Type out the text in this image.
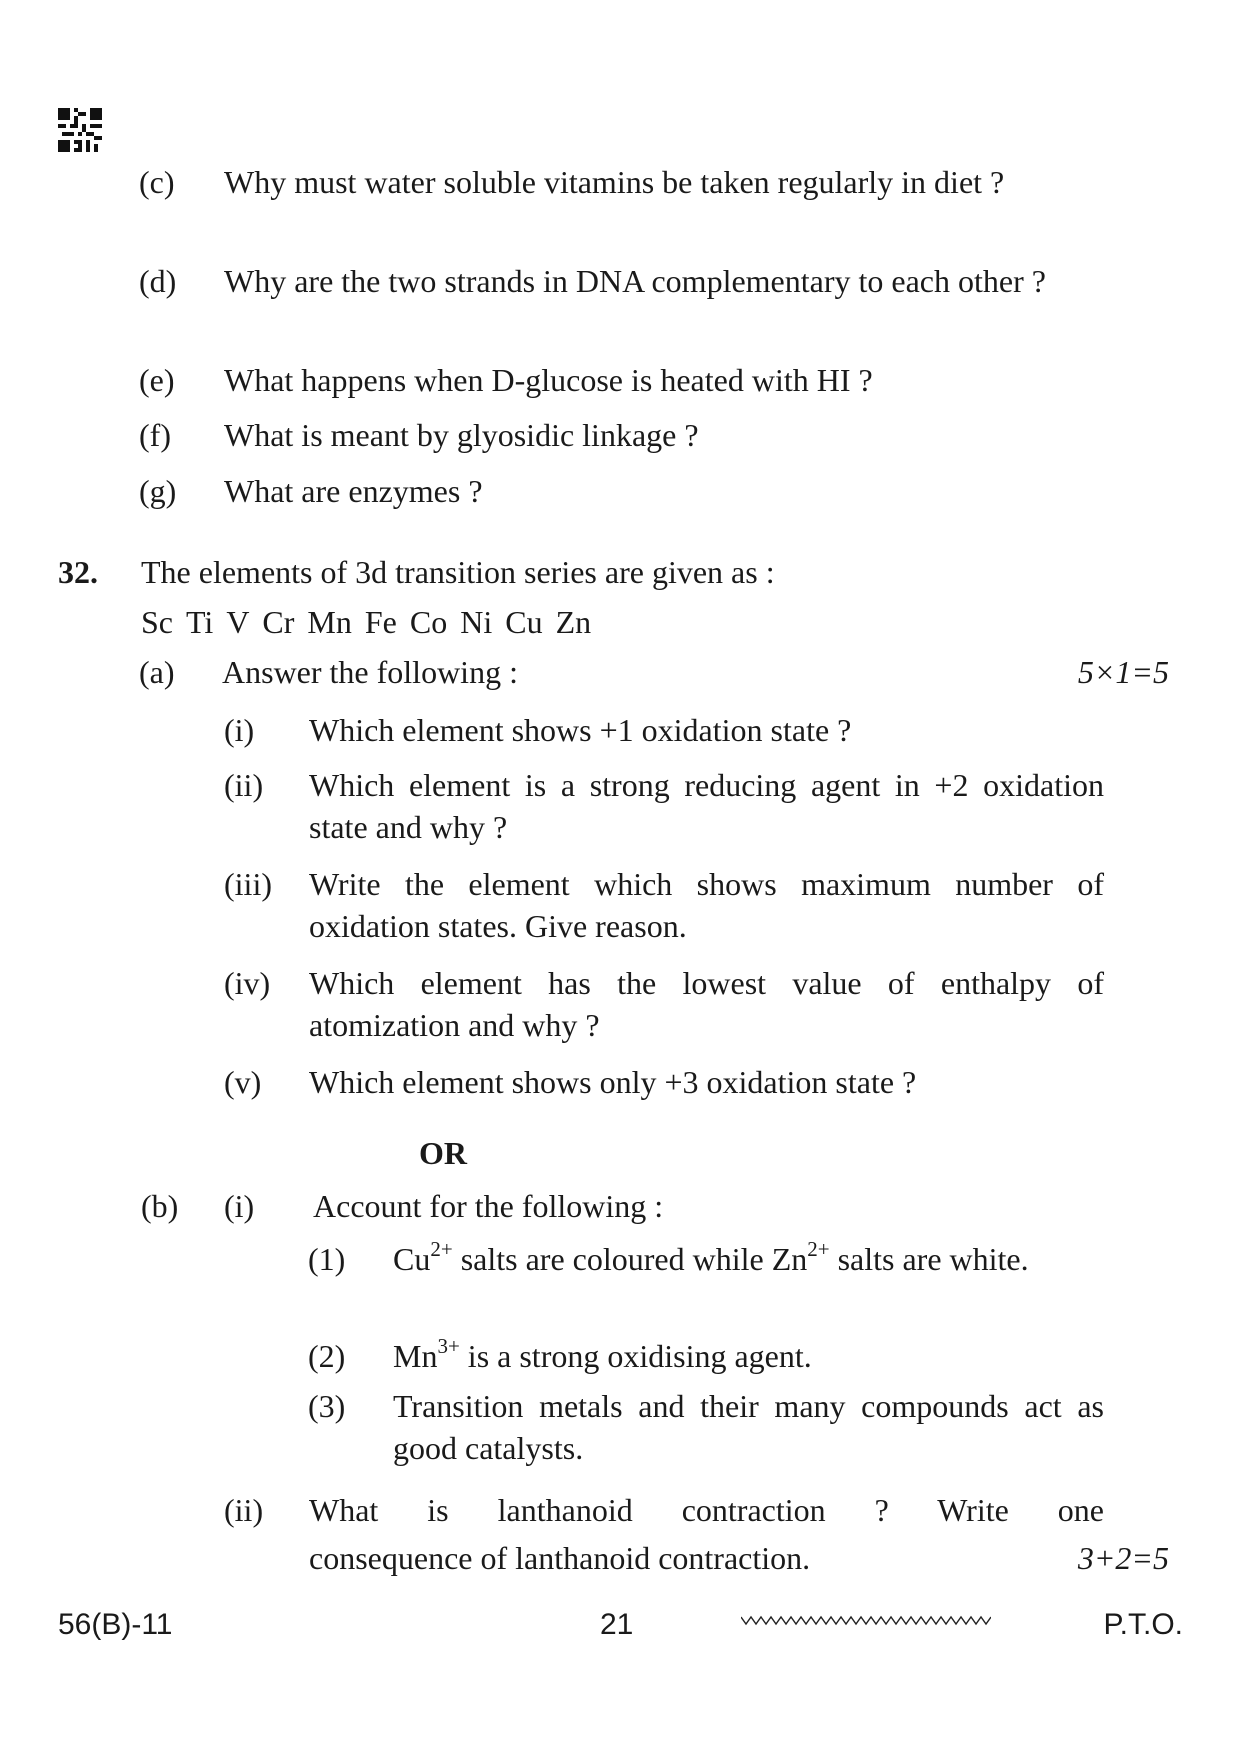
(c) Why must water soluble vitamins be taken regularly in diet ?
(d) Why are the two strands in DNA complementary to each other ?
(e) What happens when D-glucose is heated with HI ?
(f) What is meant by glyosidic linkage ?
(g) What are enzymes ?
32. The elements of 3d transition series are given as :
Sc Ti V Cr Mn Fe Co Ni Cu Zn
(a) Answer the following :	5×1=5
(i) Which element shows +1 oxidation state ?
(ii) Which element is a strong reducing agent in +2 oxidation state and why ?
(iii) Write the element which shows maximum number of oxidation states. Give reason.
(iv) Which element has the lowest value of enthalpy of atomization and why ?
(v) Which element shows only +3 oxidation state ?
OR
(b) (i) Account for the following :
(1) $Cu^{2+}$ salts are coloured while $Zn^{2+}$ salts are white.
(2) $Mn^{3+}$ is a strong oxidising agent.
(3) Transition metals and their many compounds act as good catalysts.
(ii) What is lanthanoid contraction ? Write one
consequence of lanthanoid contraction.	3+2=5
56(B)-11	21	P.T.O.
